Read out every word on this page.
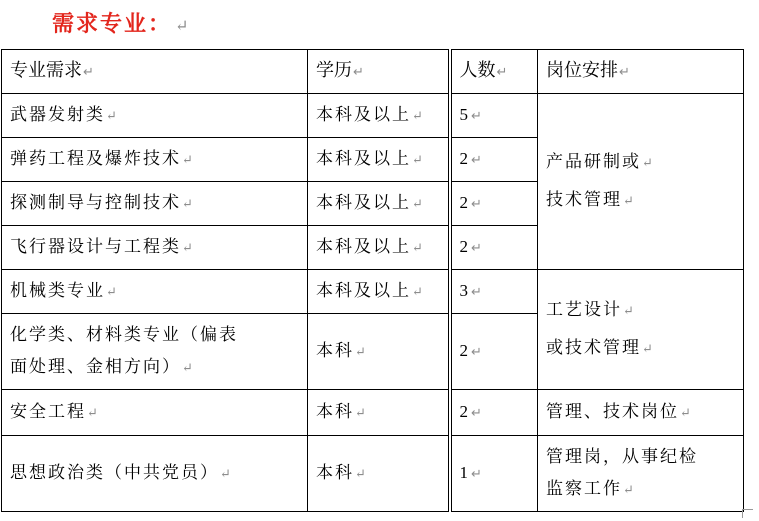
需求专业： ↵
专业需求↵	学历↵	人数↵	岗位安排↵
武器发射类↵	本科及以上↵	5↵	产品研制或↵
技术管理↵

弹药工程及爆炸技术↵	本科及以上↵	2↵	
探测制导与控制技术↵	本科及以上↵	2↵	
飞行器设计与工程类↵	本科及以上↵	2↵	
机械类专业↵	本科及以上↵	3↵	工艺设计↵
或技术管理↵

化学类、材料类专业（偏表
面处理、金相方向）↵	本科↵	2↵	
安全工程↵	本科↵	2↵	管理、技术岗位↵
思想政治类（中共党员）↵	本科↵	1↵	管理岗，从事纪检
监察工作↵
